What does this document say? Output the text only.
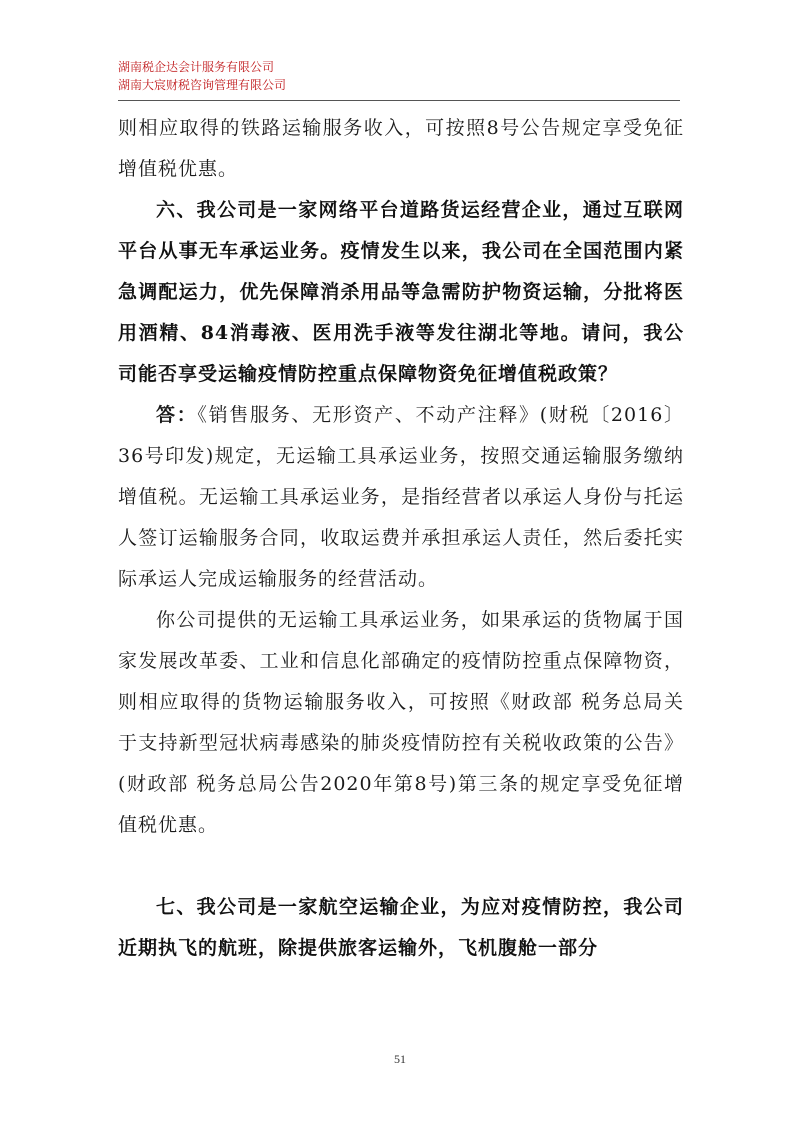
湖南税企达会计服务有限公司
湖南大宸财税咨询管理有限公司

则相应取得的铁路运输服务收入，可按照8号公告规定享受免征增值税优惠。

六、我公司是一家网络平台道路货运经营企业，通过互联网平台从事无车承运业务。疫情发生以来，我公司在全国范围内紧急调配运力，优先保障消杀用品等急需防护物资运输，分批将医用酒精、84消毒液、医用洗手液等发往湖北等地。请问，我公司能否享受运输疫情防控重点保障物资免征增值税政策？

答：《销售服务、无形资产、不动产注释》(财税〔2016〕36号印发)规定，无运输工具承运业务，按照交通运输服务缴纳增值税。无运输工具承运业务，是指经营者以承运人身份与托运人签订运输服务合同，收取运费并承担承运人责任，然后委托实际承运人完成运输服务的经营活动。

你公司提供的无运输工具承运业务，如果承运的货物属于国家发展改革委、工业和信息化部确定的疫情防控重点保障物资，则相应取得的货物运输服务收入，可按照《财政部 税务总局关于支持新型冠状病毒感染的肺炎疫情防控有关税收政策的公告》(财政部 税务总局公告2020年第8号)第三条的规定享受免征增值税优惠。

七、我公司是一家航空运输企业，为应对疫情防控，我公司近期执飞的航班，除提供旅客运输外，飞机腹舱一部分

51
